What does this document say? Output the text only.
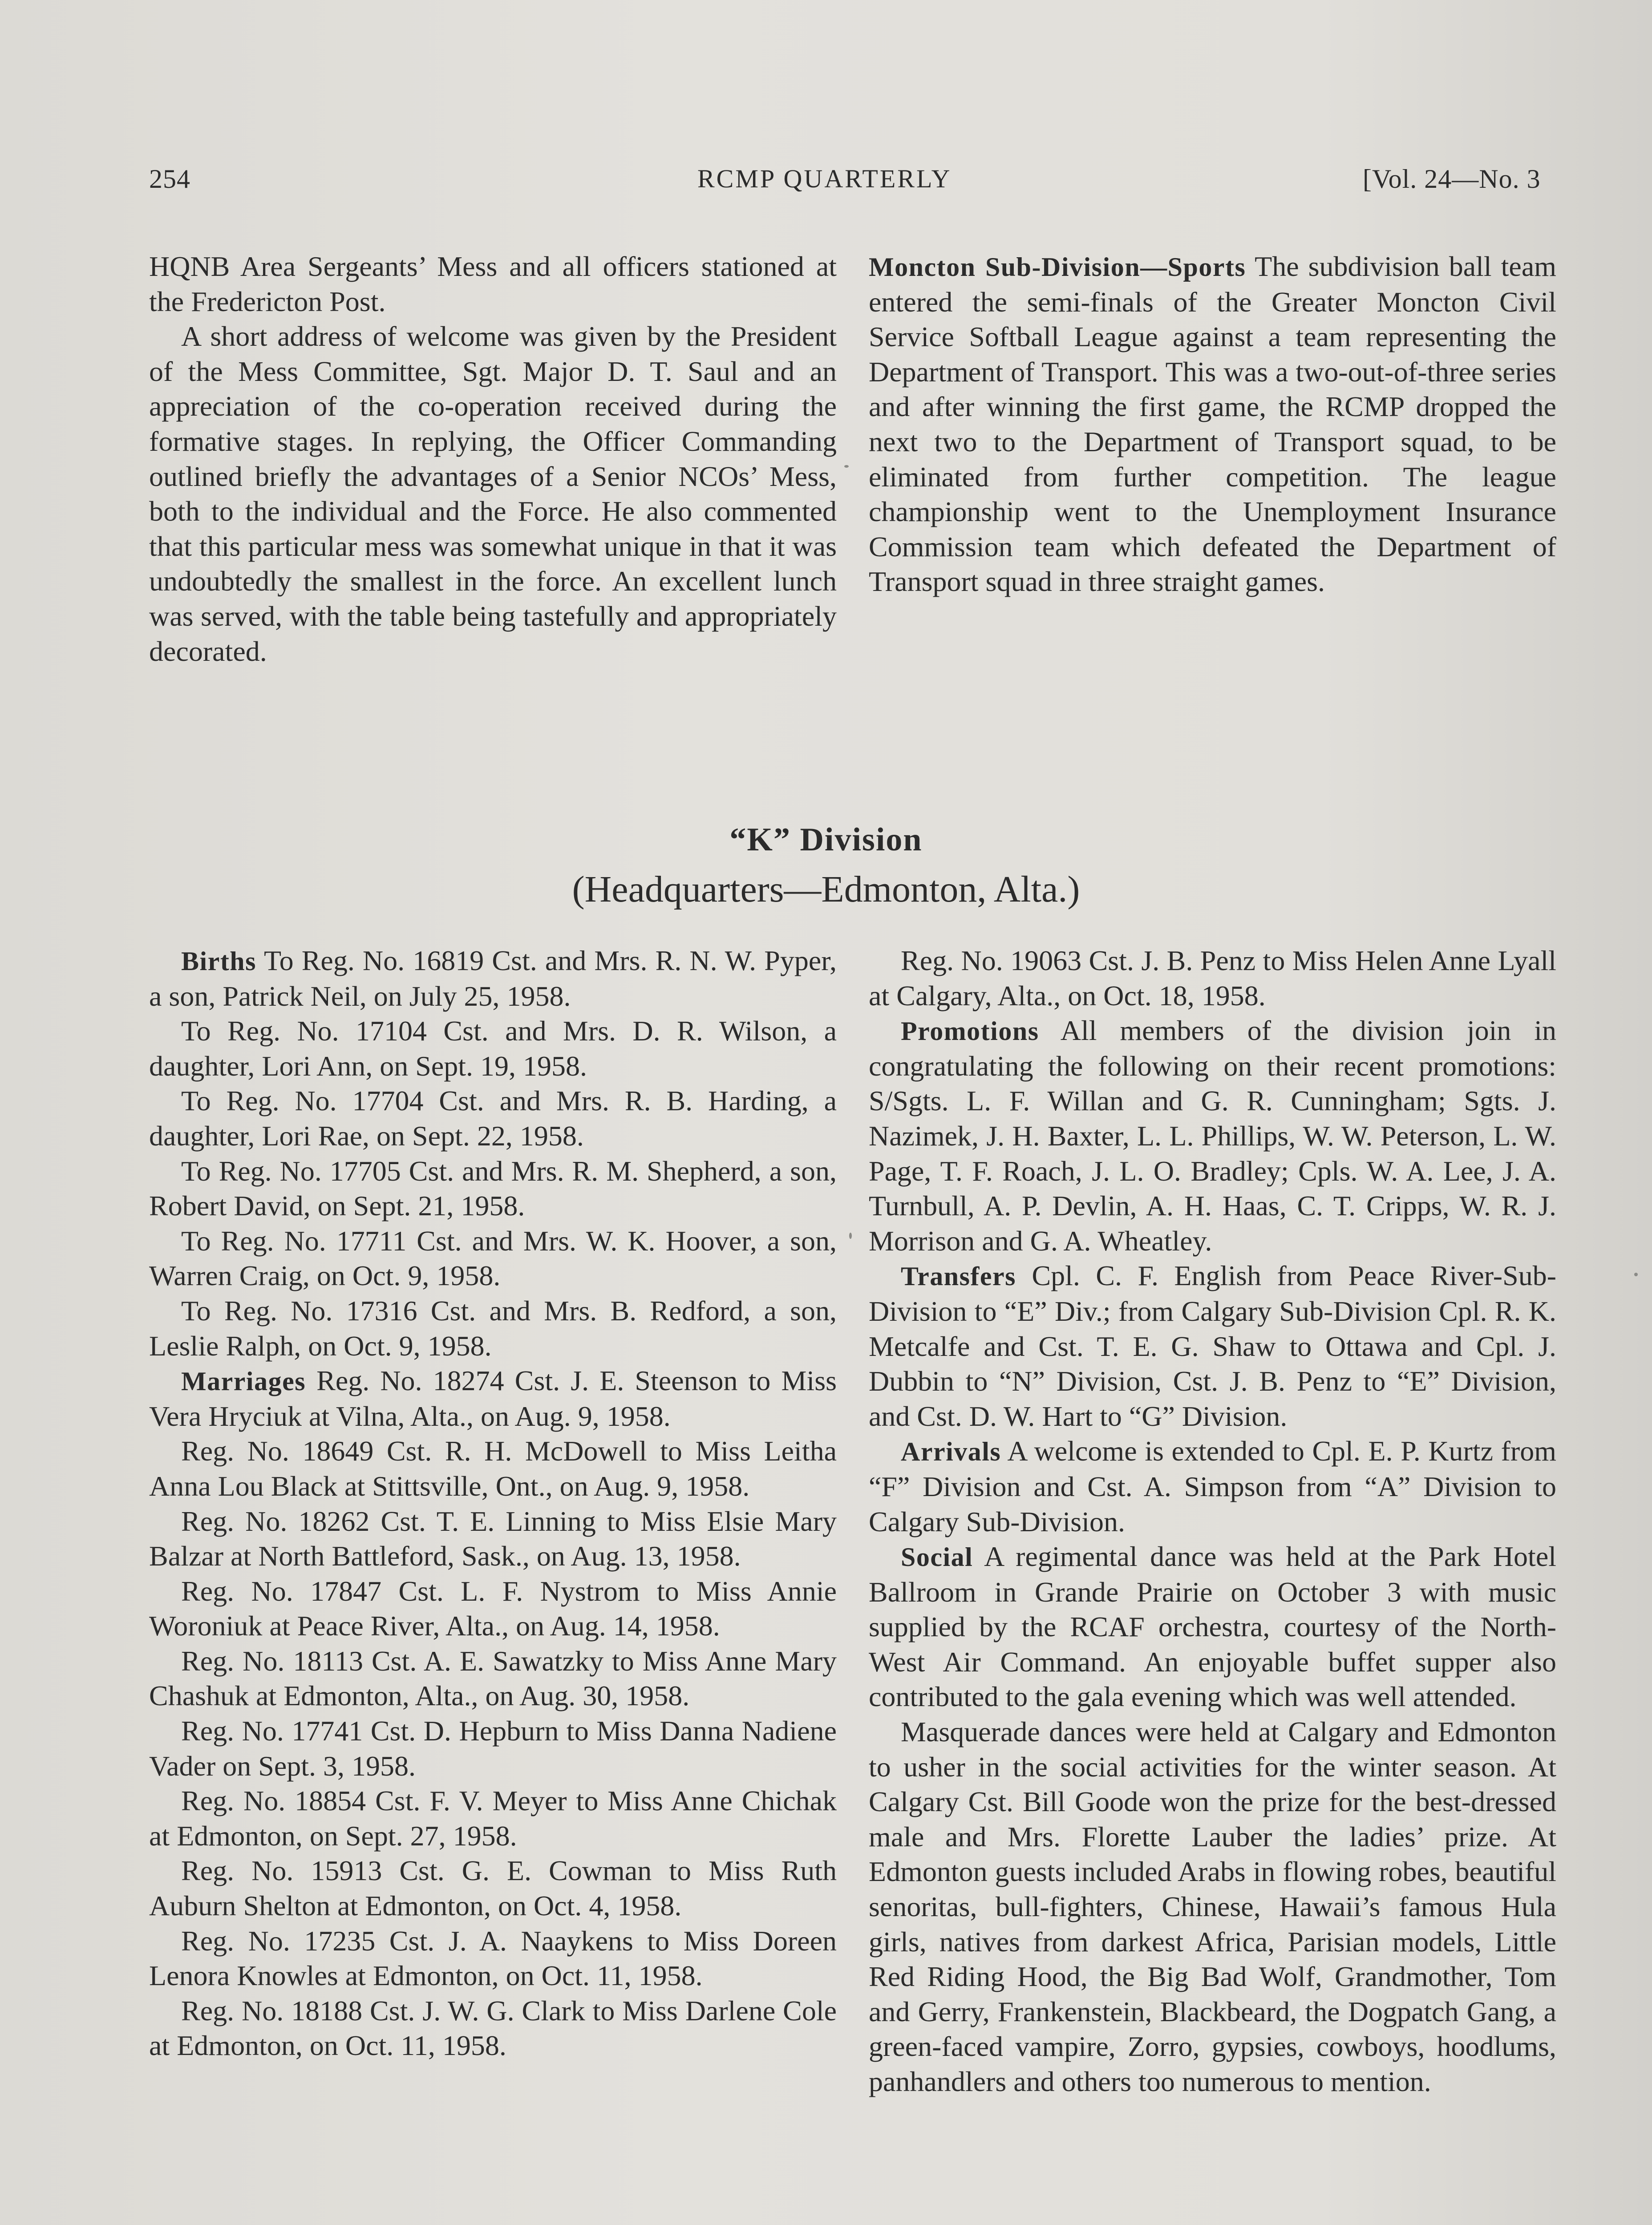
254	RCMP QUARTERLY	[Vol. 24—No. 3

HQNB Area Sergeants’ Mess and all officers stationed at the Fredericton Post.

A short address of welcome was given by the President of the Mess Committee, Sgt. Major D. T. Saul and an appreciation of the co-operation received during the formative stages. In replying, the Officer Commanding outlined briefly the advantages of a Senior NCOs’ Mess, both to the individual and the Force. He also commented that this particular mess was somewhat unique in that it was undoubtedly the smallest in the force. An excellent lunch was served, with the table being tastefully and appropriately decorated.

Moncton Sub-Division—Sports The subdivision ball team entered the semi-finals of the Greater Moncton Civil Service Softball League against a team representing the Department of Transport. This was a two-out-of-three series and after winning the first game, the RCMP dropped the next two to the Department of Transport squad, to be eliminated from further competition. The league championship went to the Unemployment Insurance Commission team which defeated the Department of Transport squad in three straight games.

“K” Division
(Headquarters—Edmonton, Alta.)

Births To Reg. No. 16819 Cst. and Mrs. R. N. W. Pyper, a son, Patrick Neil, on July 25, 1958.

To Reg. No. 17104 Cst. and Mrs. D. R. Wilson, a daughter, Lori Ann, on Sept. 19, 1958.

To Reg. No. 17704 Cst. and Mrs. R. B. Harding, a daughter, Lori Rae, on Sept. 22, 1958.

To Reg. No. 17705 Cst. and Mrs. R. M. Shepherd, a son, Robert David, on Sept. 21, 1958.

To Reg. No. 17711 Cst. and Mrs. W. K. Hoover, a son, Warren Craig, on Oct. 9, 1958.

To Reg. No. 17316 Cst. and Mrs. B. Redford, a son, Leslie Ralph, on Oct. 9, 1958.

Marriages Reg. No. 18274 Cst. J. E. Steenson to Miss Vera Hryciuk at Vilna, Alta., on Aug. 9, 1958.

Reg. No. 18649 Cst. R. H. McDowell to Miss Leitha Anna Lou Black at Stittsville, Ont., on Aug. 9, 1958.

Reg. No. 18262 Cst. T. E. Linning to Miss Elsie Mary Balzar at North Battleford, Sask., on Aug. 13, 1958.

Reg. No. 17847 Cst. L. F. Nystrom to Miss Annie Woroniuk at Peace River, Alta., on Aug. 14, 1958.

Reg. No. 18113 Cst. A. E. Sawatzky to Miss Anne Mary Chashuk at Edmonton, Alta., on Aug. 30, 1958.

Reg. No. 17741 Cst. D. Hepburn to Miss Danna Nadiene Vader on Sept. 3, 1958.

Reg. No. 18854 Cst. F. V. Meyer to Miss Anne Chichak at Edmonton, on Sept. 27, 1958.

Reg. No. 15913 Cst. G. E. Cowman to Miss Ruth Auburn Shelton at Edmonton, on Oct. 4, 1958.

Reg. No. 17235 Cst. J. A. Naaykens to Miss Doreen Lenora Knowles at Edmonton, on Oct. 11, 1958.

Reg. No. 18188 Cst. J. W. G. Clark to Miss Darlene Cole at Edmonton, on Oct. 11, 1958.

Reg. No. 19063 Cst. J. B. Penz to Miss Helen Anne Lyall at Calgary, Alta., on Oct. 18, 1958.

Promotions All members of the division join in congratulating the following on their recent promotions: S/Sgts. L. F. Willan and G. R. Cunningham; Sgts. J. Nazimek, J. H. Baxter, L. L. Phillips, W. W. Peterson, L. W. Page, T. F. Roach, J. L. O. Bradley; Cpls. W. A. Lee, J. A. Turnbull, A. P. Devlin, A. H. Haas, C. T. Cripps, W. R. J. Morrison and G. A. Wheatley.

Transfers Cpl. C. F. English from Peace River-Sub-Division to “E” Div.; from Calgary Sub-Division Cpl. R. K. Metcalfe and Cst. T. E. G. Shaw to Ottawa and Cpl. J. Dubbin to “N” Division, Cst. J. B. Penz to “E” Division, and Cst. D. W. Hart to “G” Division.

Arrivals A welcome is extended to Cpl. E. P. Kurtz from “F” Division and Cst. A. Simpson from “A” Division to Calgary Sub-Division.

Social A regimental dance was held at the Park Hotel Ballroom in Grande Prairie on October 3 with music supplied by the RCAF orchestra, courtesy of the North-West Air Command. An enjoyable buffet supper also contributed to the gala evening which was well attended.

Masquerade dances were held at Calgary and Edmonton to usher in the social activities for the winter season. At Calgary Cst. Bill Goode won the prize for the best-dressed male and Mrs. Florette Lauber the ladies’ prize. At Edmonton guests included Arabs in flowing robes, beautiful senoritas, bull-fighters, Chinese, Hawaii’s famous Hula girls, natives from darkest Africa, Parisian models, Little Red Riding Hood, the Big Bad Wolf, Grandmother, Tom and Gerry, Frankenstein, Blackbeard, the Dogpatch Gang, a green-faced vampire, Zorro, gypsies, cowboys, hoodlums, panhandlers and others too numerous to mention.
